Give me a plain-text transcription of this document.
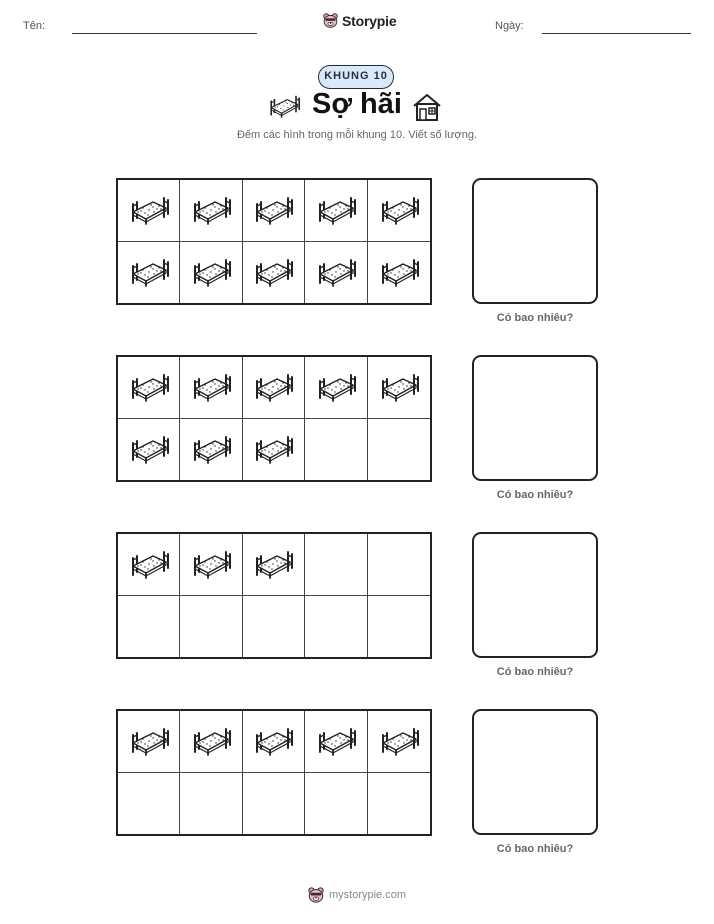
Tên:	Storypie	Ngày:
KHUNG 10
Sợ hãi
Đếm các hình trong mỗi khung 10. Viết số lượng.
Có bao nhiêu?
Có bao nhiêu?
Có bao nhiêu?
Có bao nhiêu?
mystorypie.com
